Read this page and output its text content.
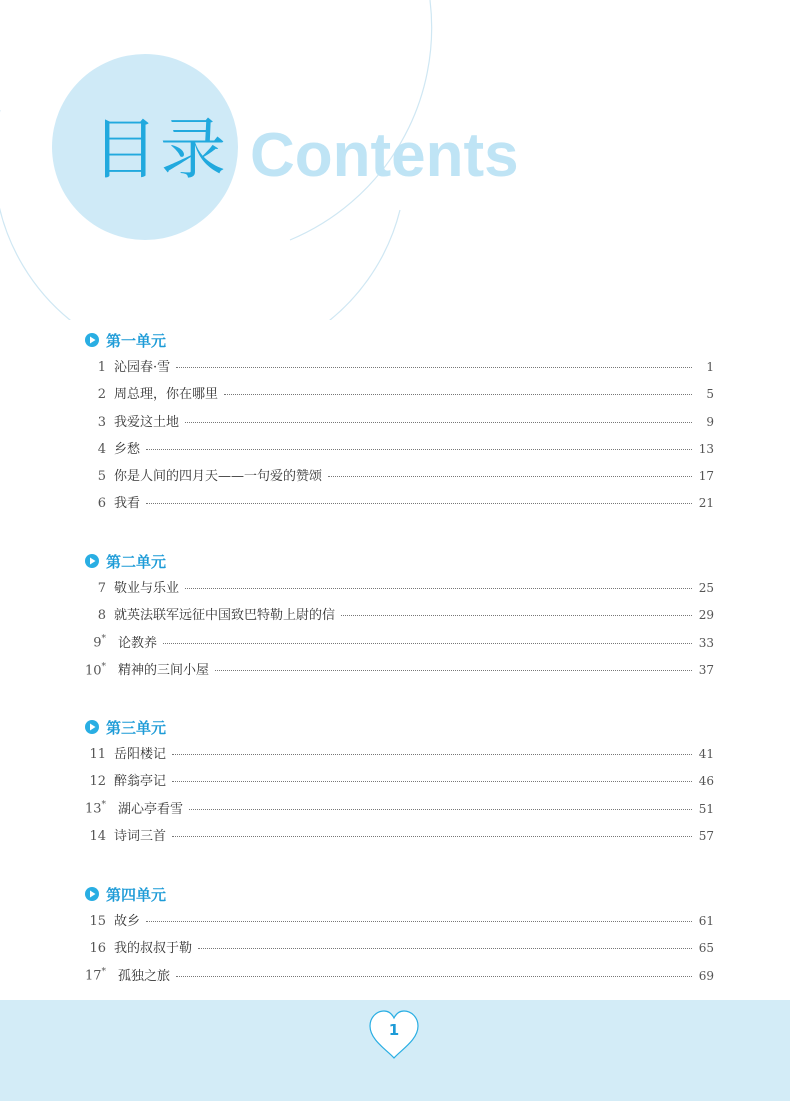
目录 Contents
第一单元
1 沁园春·雪	1
2 周总理，你在哪里	5
3 我爱这土地	9
4 乡愁	13
5 你是人间的四月天——一句爱的赞颂	17
6 我看	21
第二单元
7 敬业与乐业	25
8 就英法联军远征中国致巴特勒上尉的信	29
9* 论教养	33
10* 精神的三间小屋	37
第三单元
11 岳阳楼记	41
12 醉翁亭记	46
13* 湖心亭看雪	51
14 诗词三首	57
第四单元
15 故乡	61
16 我的叔叔于勒	65
17* 孤独之旅	69
1
